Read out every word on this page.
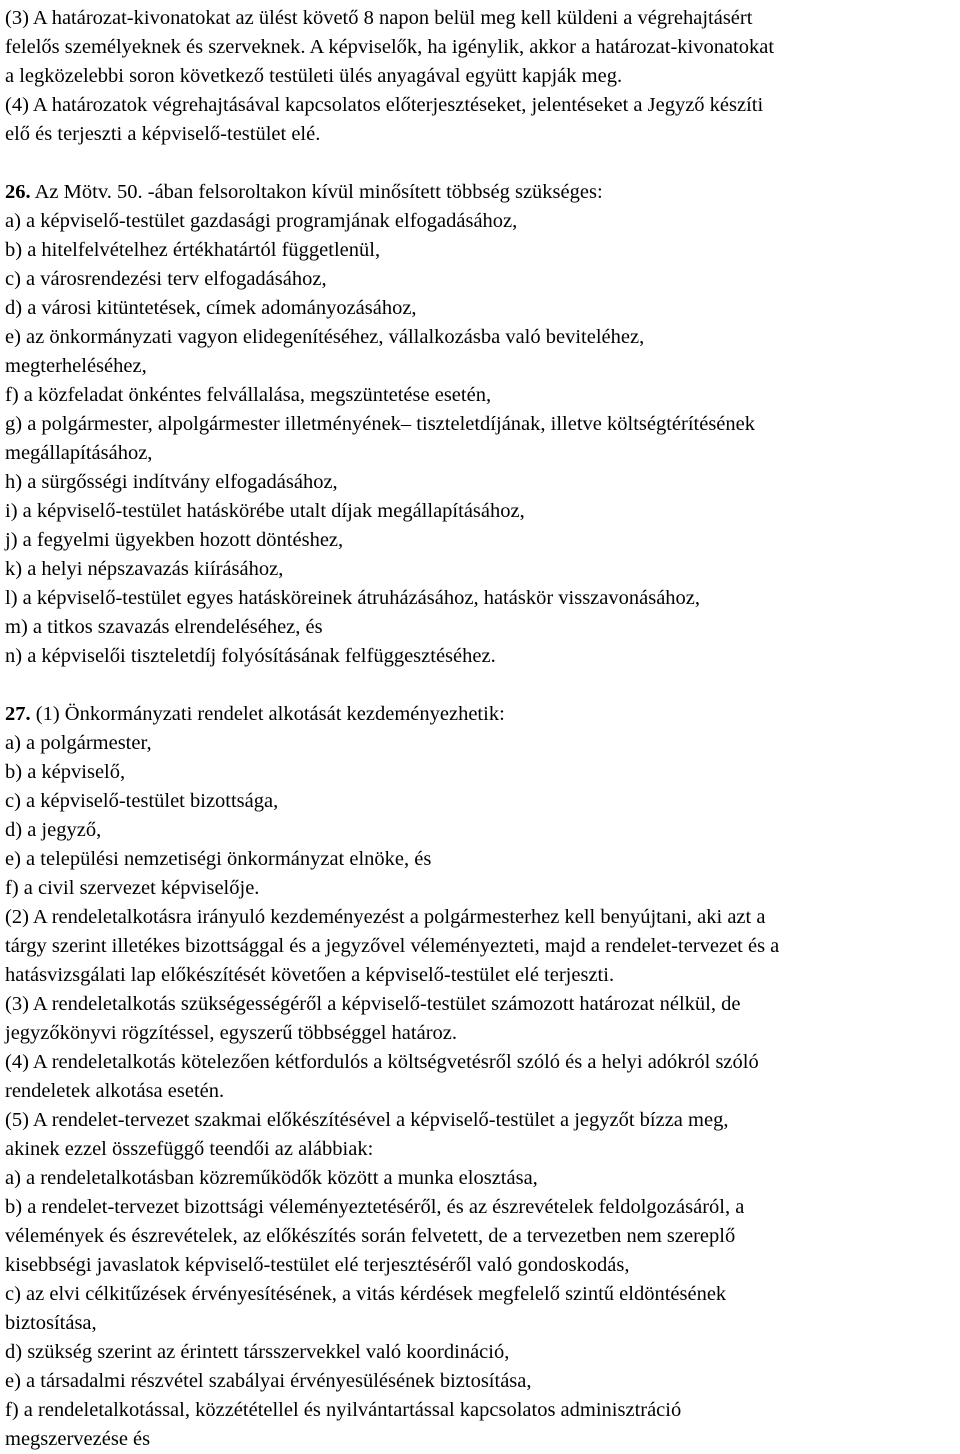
(3) A határozat-kivonatokat az ülést követő 8 napon belül meg kell küldeni a végrehajtásért
felelős személyeknek és szerveknek. A képviselők, ha igénylik, akkor a határozat-kivonatokat
a legközelebbi soron következő testületi ülés anyagával együtt kapják meg.
(4) A határozatok végrehajtásával kapcsolatos előterjesztéseket, jelentéseket a Jegyző készíti
elő és terjeszti a képviselő-testület elé.
26. Az Mötv. 50. -ában felsoroltakon kívül minősített többség szükséges:
a) a képviselő-testület gazdasági programjának elfogadásához,
b) a hitelfelvételhez értékhatártól függetlenül,
c) a városrendezési terv elfogadásához,
d) a városi kitüntetések, címek adományozásához,
e) az önkormányzati vagyon elidegenítéséhez, vállalkozásba való beviteléhez,
megterheléséhez,
f) a közfeladat önkéntes felvállalása, megszüntetése esetén,
g) a polgármester, alpolgármester illetményének– tiszteletdíjának, illetve költségtérítésének
megállapításához,
h) a sürgősségi indítvány elfogadásához,
i) a képviselő-testület hatáskörébe utalt díjak megállapításához,
j) a fegyelmi ügyekben hozott döntéshez,
k) a helyi népszavazás kiírásához,
l) a képviselő-testület egyes hatásköreinek átruházásához, hatáskör visszavonásához,
m) a titkos szavazás elrendeléséhez, és
n) a képviselői tiszteletdíj folyósításának felfüggesztéséhez.
27. (1) Önkormányzati rendelet alkotását kezdeményezhetik:
a) a polgármester,
b) a képviselő,
c) a képviselő-testület bizottsága,
d) a jegyző,
e) a települési nemzetiségi önkormányzat elnöke, és
f) a civil szervezet képviselője.
(2) A rendeletalkotásra irányuló kezdeményezést a polgármesterhez kell benyújtani, aki azt a
tárgy szerint illetékes bizottsággal és a jegyzővel véleményezteti, majd a rendelet-tervezet és a
hatásvizsgálati lap előkészítését követően a képviselő-testület elé terjeszti.
(3) A rendeletalkotás szükségességéről a képviselő-testület számozott határozat nélkül, de
jegyzőkönyvi rögzítéssel, egyszerű többséggel határoz.
(4) A rendeletalkotás kötelezően kétfordulós a költségvetésről szóló és a helyi adókról szóló
rendeletek alkotása esetén.
(5) A rendelet-tervezet szakmai előkészítésével a képviselő-testület a jegyzőt bízza meg,
akinek ezzel összefüggő teendői az alábbiak:
a) a rendeletalkotásban közreműködők között a munka elosztása,
b) a rendelet-tervezet bizottsági véleményeztetéséről, és az észrevételek feldolgozásáról, a
vélemények és észrevételek, az előkészítés során felvetett, de a tervezetben nem szereplő
kisebbségi javaslatok képviselő-testület elé terjesztéséről való gondoskodás,
c) az elvi célkitűzések érvényesítésének, a vitás kérdések megfelelő szintű eldöntésének
biztosítása,
d) szükség szerint az érintett társszervekkel való koordináció,
e) a társadalmi részvétel szabályai érvényesülésének biztosítása,
f) a rendeletalkotással, közzététellel és nyilvántartással kapcsolatos adminisztráció
megszervezése és
